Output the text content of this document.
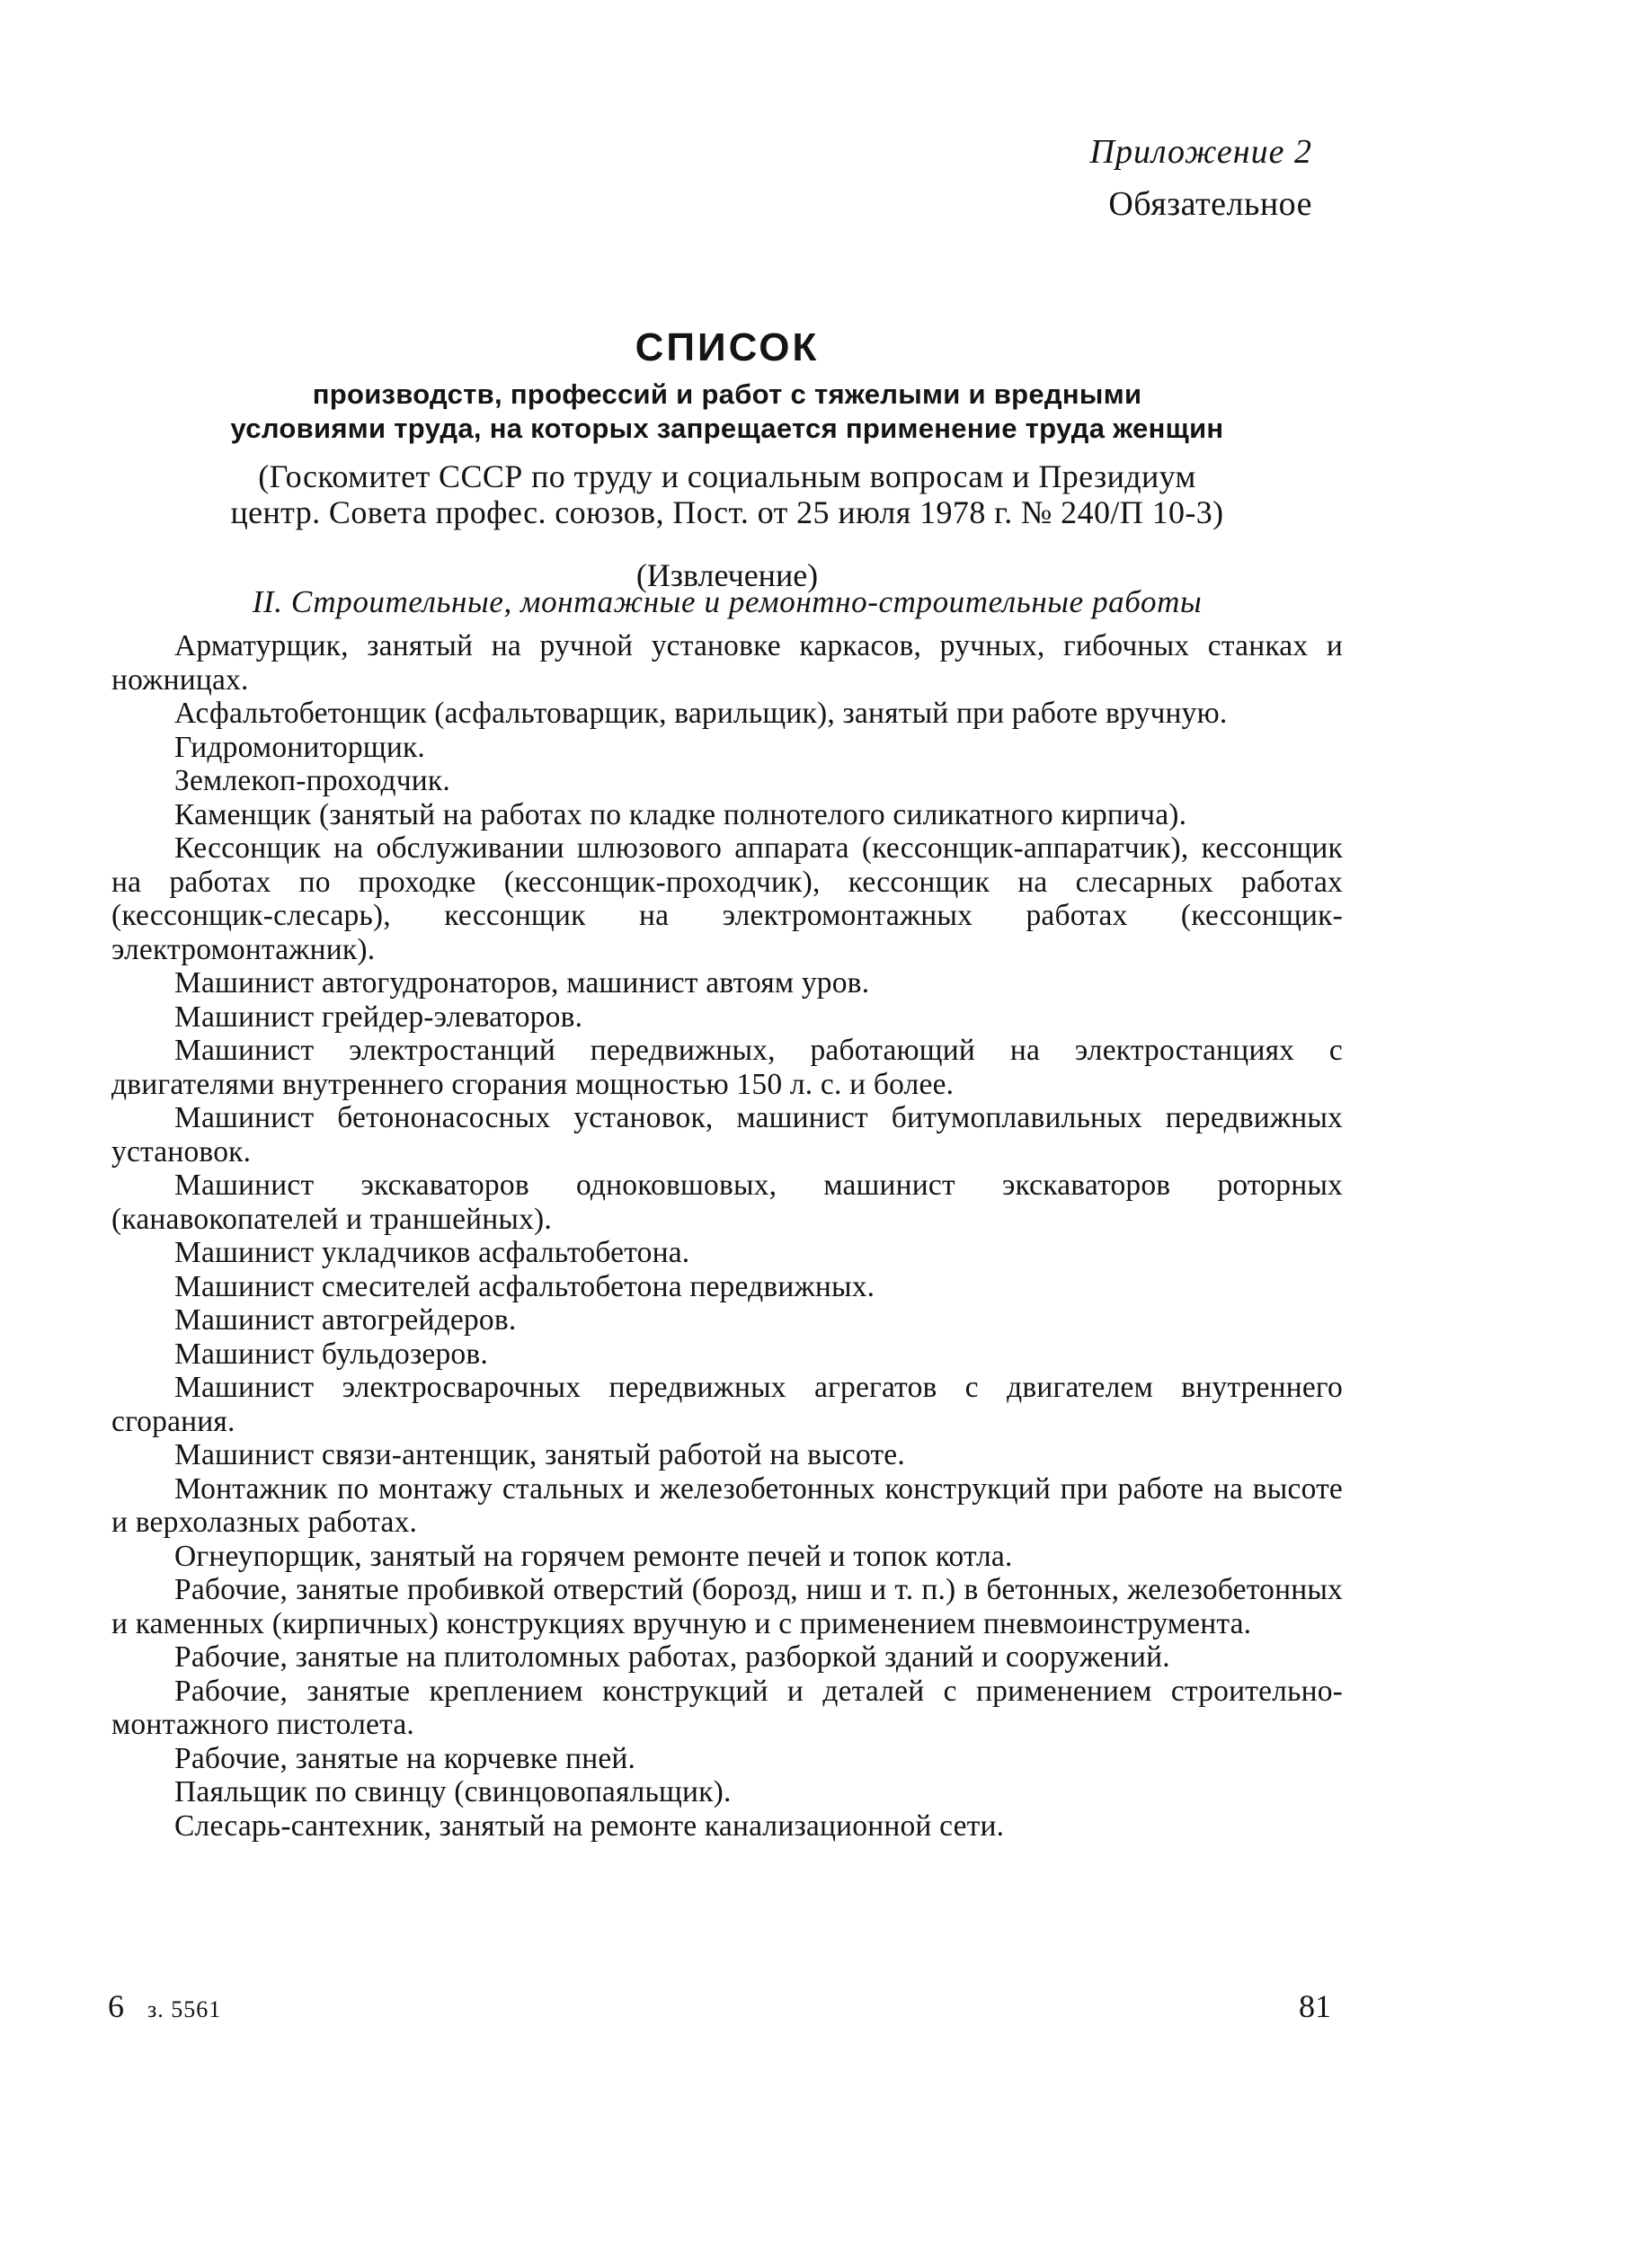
Приложение 2
Обязательное
СПИСОК
производств, профессий и работ с тяжелыми и вредными
условиями труда, на которых запрещается применение труда женщин
(Госкомитет СССР по труду и социальным вопросам и Президиум
центр. Совета профес. союзов, Пост. от 25 июля 1978 г. № 240/П 10-3)
(Извлечение)
II. Строительные, монтажные и ремонтно-строительные работы
Арматурщик, занятый на ручной установке каркасов, ручных, гибочных станках и ножницах.
Асфальтобетонщик (асфальтоварщик, варильщик), занятый при работе вручную.
Гидромониторщик.
Землекоп-проходчик.
Каменщик (занятый на работах по кладке полнотелого силикатного кирпича).
Кессонщик на обслуживании шлюзового аппарата (кессонщик-аппаратчик), кессонщик на работах по проходке (кессонщик-проходчик), кессонщик на слесарных работах (кессонщик-слесарь), кессонщик на электромонтажных работах (кессонщик-электромонтажник).
Машинист автогудронаторов, машинист автоям уров.
Машинист грейдер-элеваторов.
Машинист электростанций передвижных, работающий на электростанциях с двигателями внутреннего сгорания мощностью 150 л. с. и более.
Машинист бетононасосных установок, машинист битумоплавильных передвижных установок.
Машинист экскаваторов одноковшовых, машинист экскаваторов роторных (канавокопателей и траншейных).
Машинист укладчиков асфальтобетона.
Машинист смесителей асфальтобетона передвижных.
Машинист автогрейдеров.
Машинист бульдозеров.
Машинист электросварочных передвижных агрегатов с двигателем внутреннего сгорания.
Машинист связи-антенщик, занятый работой на высоте.
Монтажник по монтажу стальных и железобетонных конструкций при работе на высоте и верхолазных работах.
Огнеупорщик, занятый на горячем ремонте печей и топок котла.
Рабочие, занятые пробивкой отверстий (борозд, ниш и т. п.) в бетонных, железобетонных и каменных (кирпичных) конструкциях вручную и с применением пневмоинструмента.
Рабочие, занятые на плитоломных работах, разборкой зданий и сооружений.
Рабочие, занятые креплением конструкций и деталей с применением строительно-монтажного пистолета.
Рабочие, занятые на корчевке пней.
Паяльщик по свинцу (свинцовопаяльщик).
Слесарь-сантехник, занятый на ремонте канализационной сети.
6 з. 5561	81
